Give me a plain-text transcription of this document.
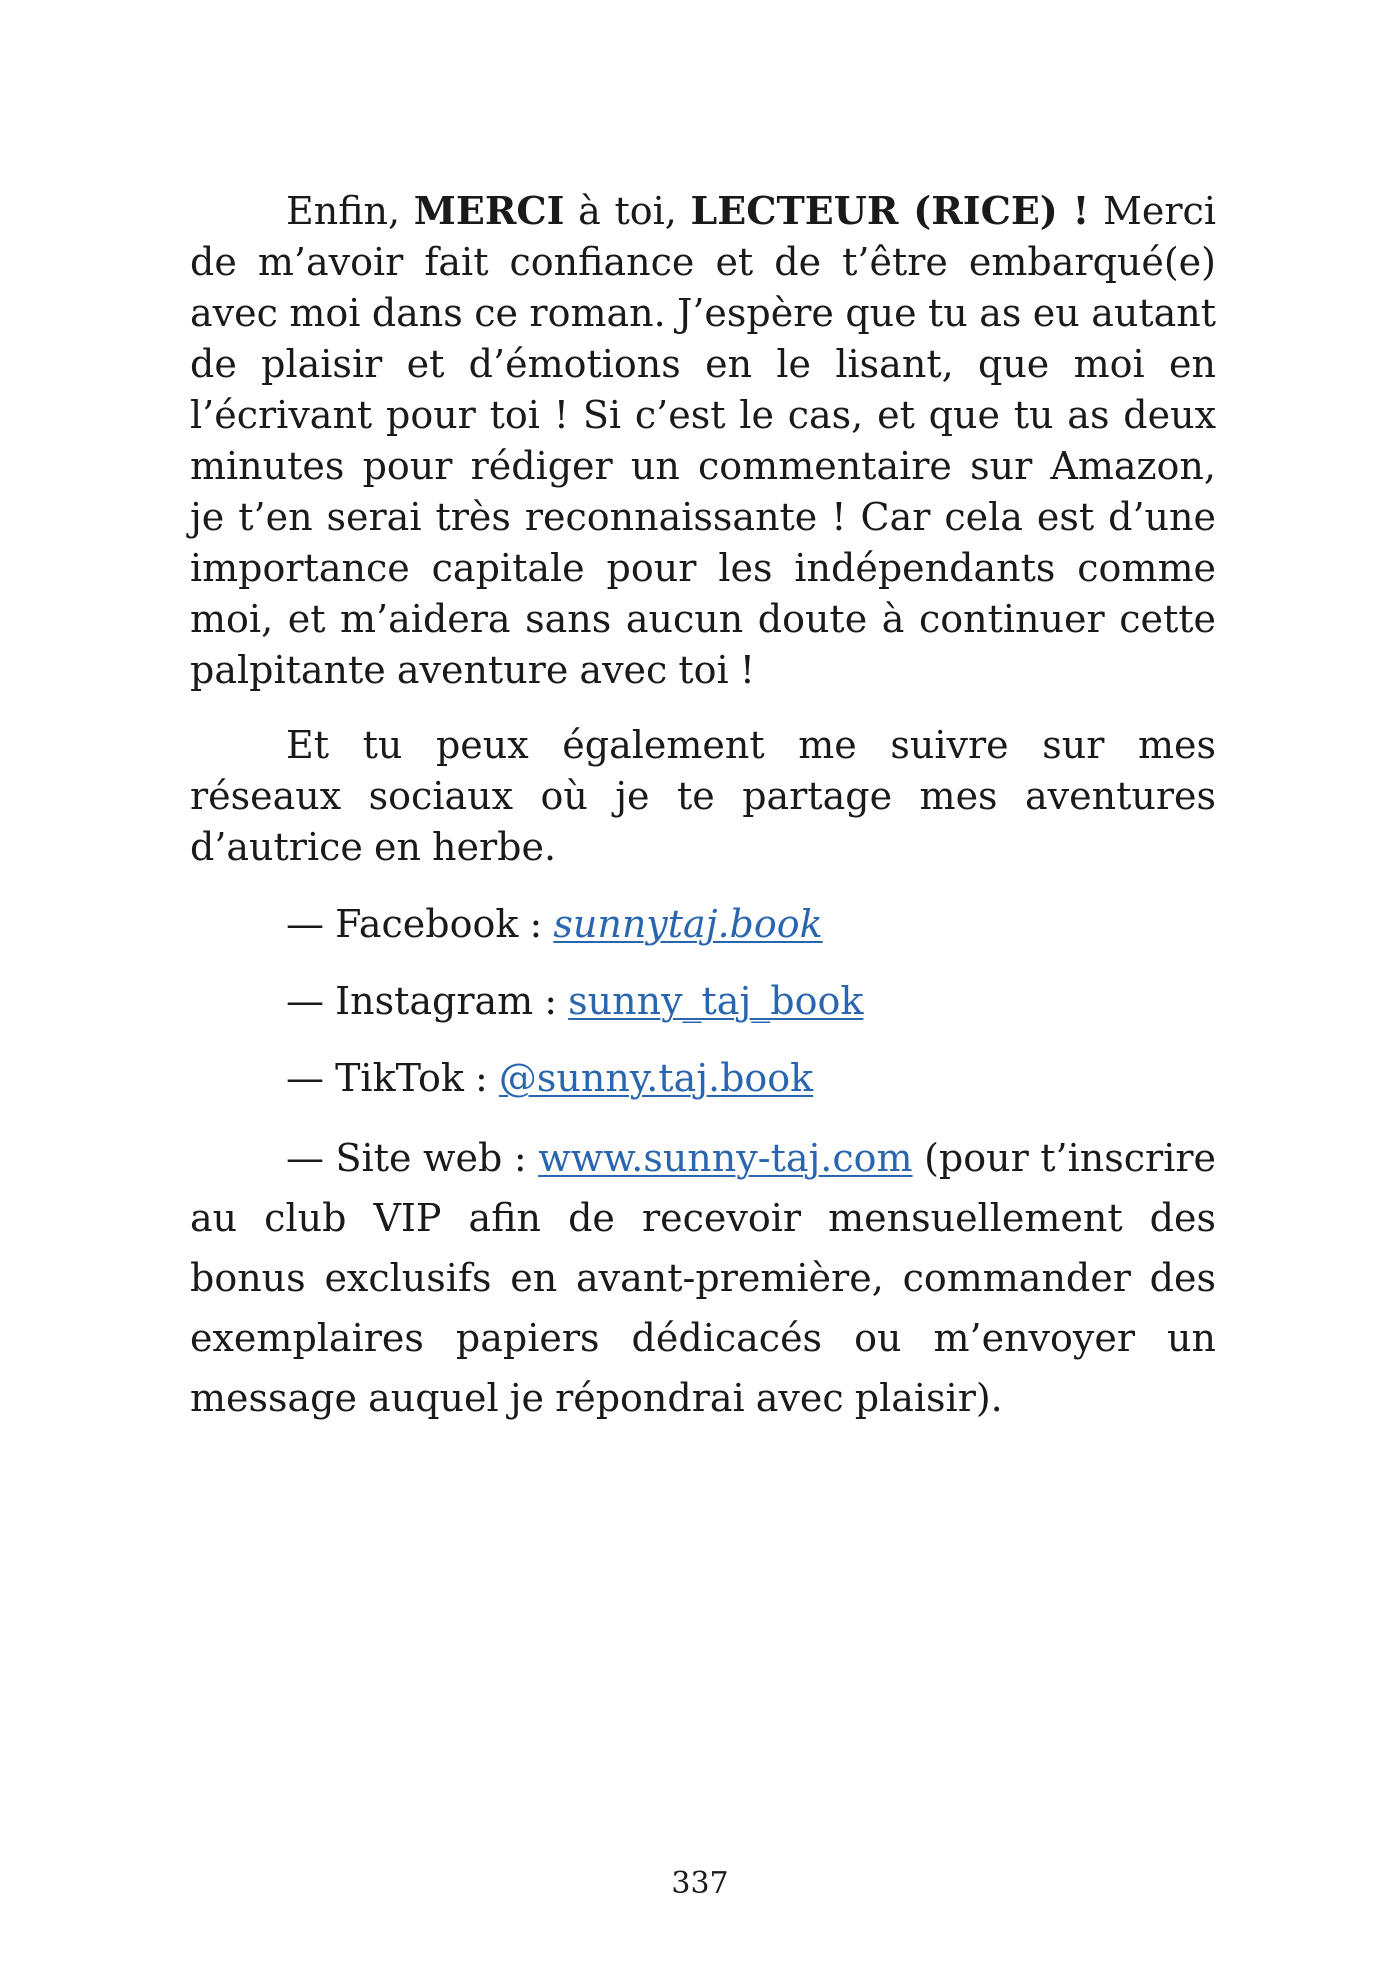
Enfin, MERCI à toi, LECTEUR (RICE) ! Merci de m’avoir fait confiance et de t’être embarqué(e) avec moi dans ce roman. J’espère que tu as eu autant de plaisir et d’émotions en le lisant, que moi en l’écrivant pour toi ! Si c’est le cas, et que tu as deux minutes pour rédiger un commentaire sur Amazon, je t’en serai très reconnaissante ! Car cela est d’une importance capitale pour les indépendants comme moi, et m’aidera sans aucun doute à continuer cette palpitante aventure avec toi !

Et tu peux également me suivre sur mes réseaux sociaux où je te partage mes aventures d’autrice en herbe.

— Facebook : sunnytaj.book

— Instagram : sunny_taj_book

— TikTok : @sunny.taj.book

— Site web : www.sunny-taj.com (pour t’inscrire au club VIP afin de recevoir mensuellement des bonus exclusifs en avant-première, commander des exemplaires papiers dédicacés ou m’envoyer un message auquel je répondrai avec plaisir).

337
